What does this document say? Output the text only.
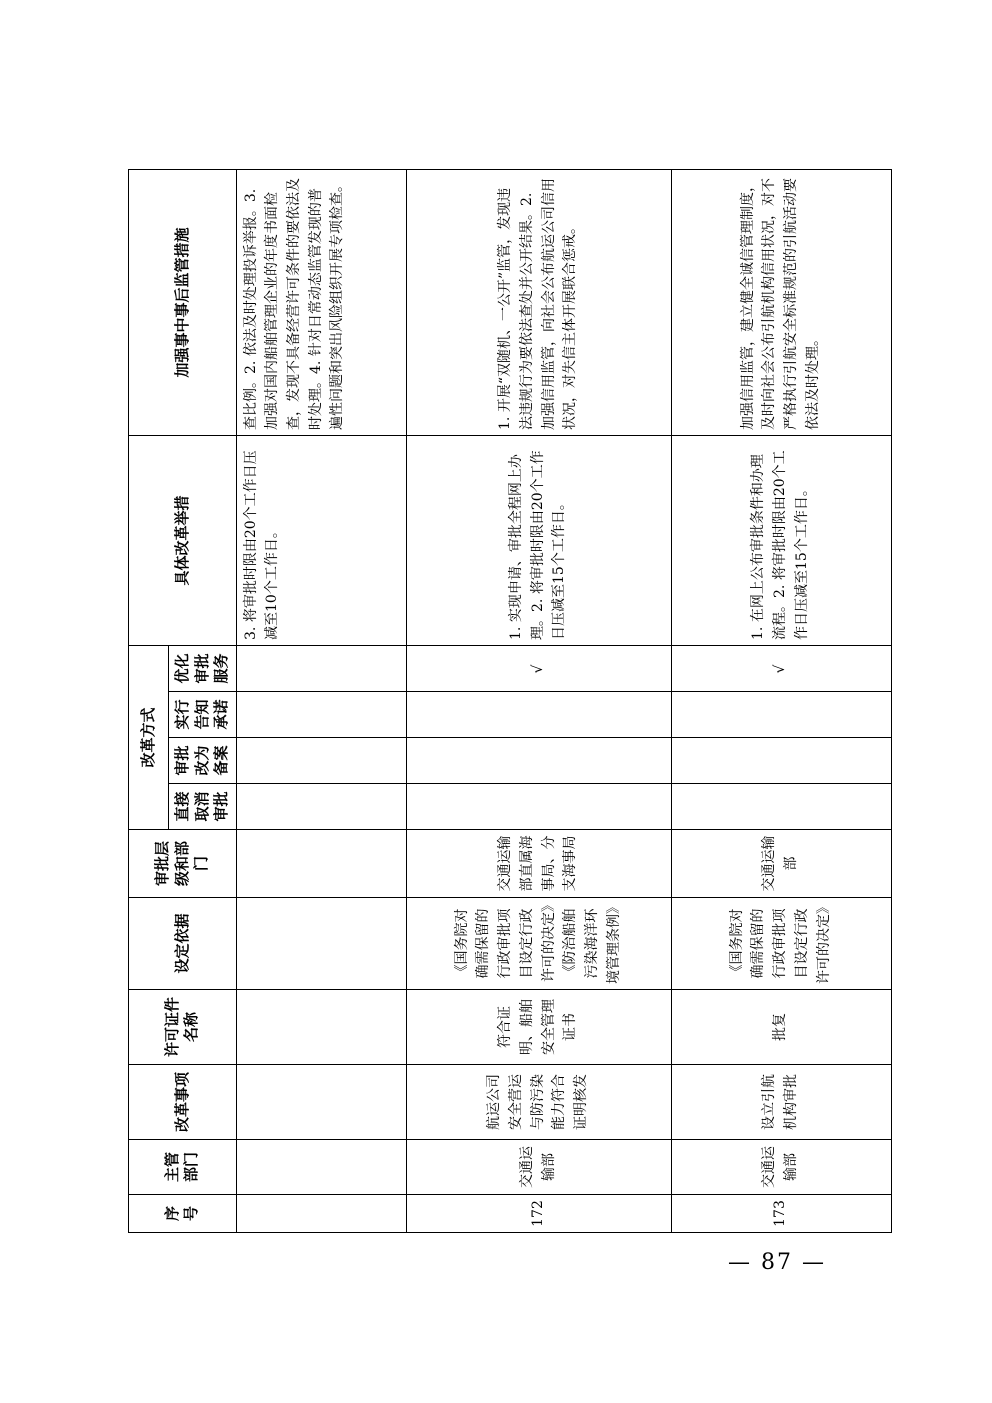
序号	主管部门	改革事项	许可证件名称	设定依据	审批层级和部门	改革方式				具体改革举措	加强事中事后监管措施
						直接取消审批	审批改为备案	实行告知承诺	优化审批服务		
										3. 将审批时限由20个工作日压减至10个工作日。	查比例。2. 依法及时处理投诉举报。3. 加强对国内船舶管理企业的年度书面检查，发现不具备经营许可条件的要依法及时处理。4. 针对日常动态监管发现的普遍性问题和突出风险组织开展专项检查。
172	交通运输部	航运公司安全营运与防污染能力符合证明核发	符合证明、船舶安全管理证书	《国务院对确需保留的行政审批项目设定行政许可的决定》《防治船舶污染海洋环境管理条例》	交通运输部直属海事局、分支海事局				√	1. 实现申请、审批全程网上办理。2. 将审批时限由20个工作日压减至15个工作日。	1. 开展“双随机、一公开”监管，发现违法违规行为要依法查处并公开结果。2. 加强信用监管，向社会公布航运公司信用状况，对失信主体开展联合惩戒。
173	交通运输部	设立引航机构审批	批复	《国务院对确需保留的行政审批项目设定行政许可的决定》	交通运输部				√	1. 在网上公布审批条件和办理流程。2. 将审批时限由20个工作日压减至15个工作日。	加强信用监管，建立健全诚信管理制度，及时向社会公布引航机构信用状况，对不严格执行引航安全标准规范的引航活动要依法及时处理。
— 87 —
